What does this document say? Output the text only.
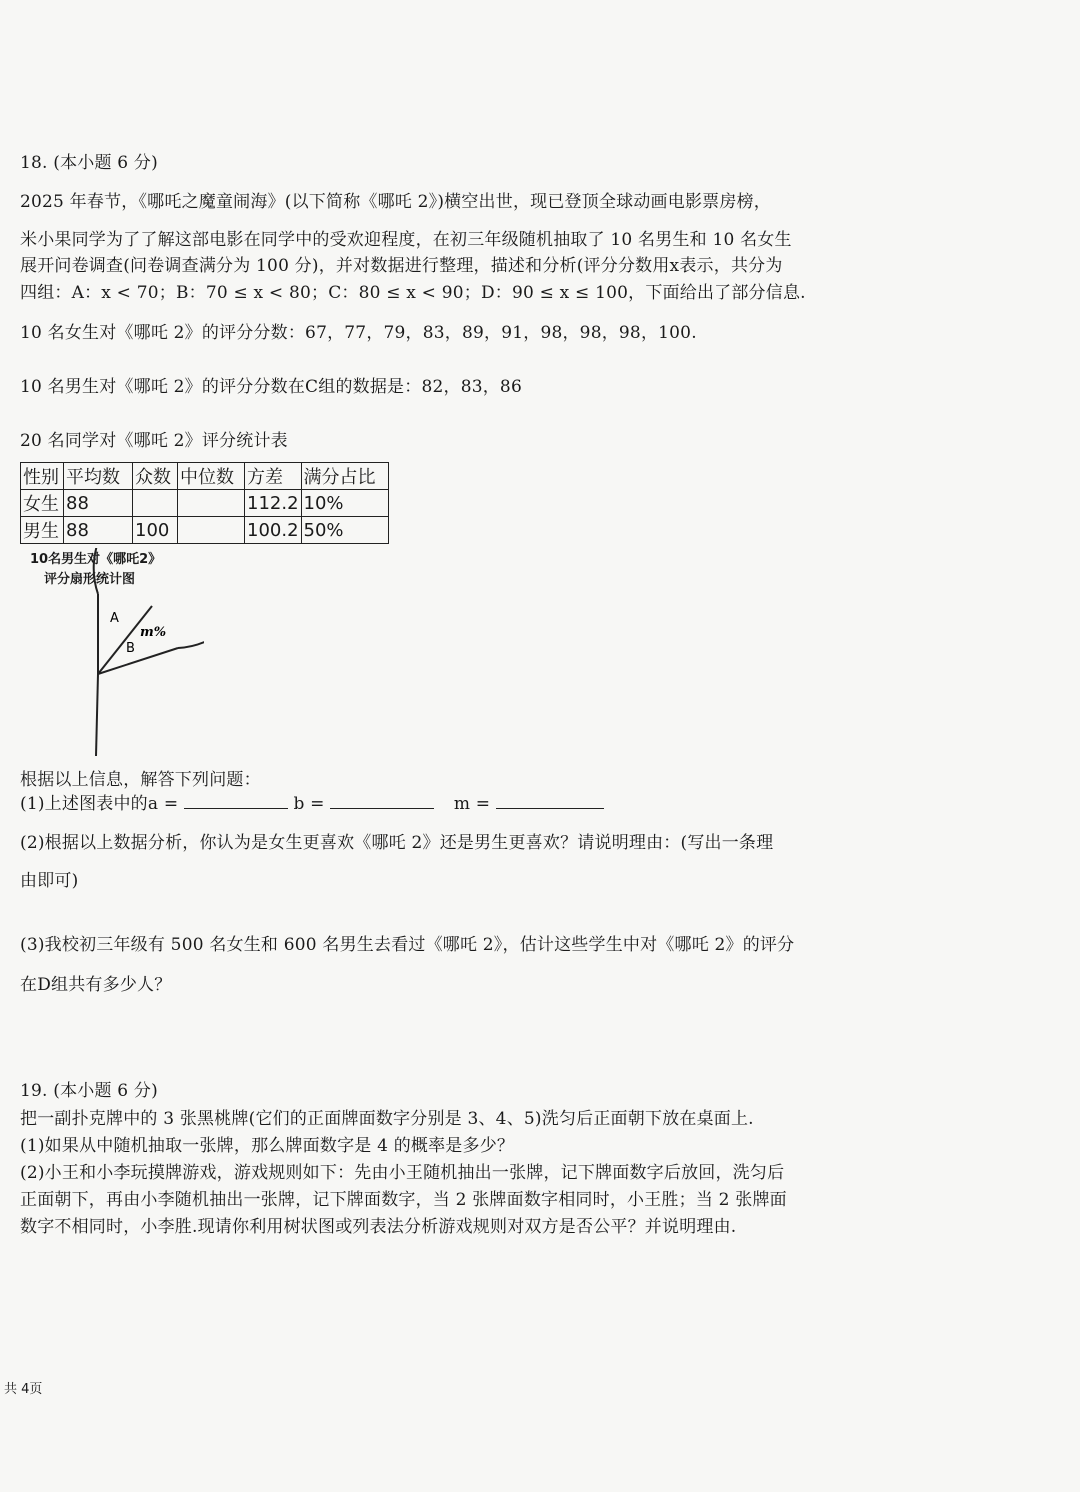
18. (本小题 6 分)
2025 年春节，《哪吒之魔童闹海》(以下简称《哪吒 2》)横空出世，现已登顶全球动画电影票房榜，
米小果同学为了了解这部电影在同学中的受欢迎程度，在初三年级随机抽取了 10 名男生和 10 名女生
展开问卷调查(问卷调查满分为 100 分)，并对数据进行整理，描述和分析(评分分数用x表示，共分为
四组：A：x < 70；B：70 ≤ x < 80；C：80 ≤ x < 90；D：90 ≤ x ≤ 100，下面给出了部分信息.
10 名女生对《哪吒 2》的评分分数：67，77，79，83，89，91，98，98，98，100.
10 名男生对《哪吒 2》的评分分数在C组的数据是：82，83，86
20 名同学对《哪吒 2》评分统计表
性别	平均数	众数	中位数	方差	满分占比
女生	88			112.2	10%
男生	88	100		100.2	50%
10名男生对《哪吒2》
评分扇形统计图
A
B
m%
根据以上信息，解答下列问题：
(1)上述图表中的a =	b =	m =
(2)根据以上数据分析，你认为是女生更喜欢《哪吒 2》还是男生更喜欢？请说明理由：(写出一条理
由即可)
(3)我校初三年级有 500 名女生和 600 名男生去看过《哪吒 2》，估计这些学生中对《哪吒 2》的评分
在D组共有多少人？
19. (本小题 6 分)
把一副扑克牌中的 3 张黑桃牌(它们的正面牌面数字分别是 3、4、5)洗匀后正面朝下放在桌面上.
(1)如果从中随机抽取一张牌，那么牌面数字是 4 的概率是多少？
(2)小王和小李玩摸牌游戏，游戏规则如下：先由小王随机抽出一张牌，记下牌面数字后放回，洗匀后
正面朝下，再由小李随机抽出一张牌，记下牌面数字，当 2 张牌面数字相同时，小王胜；当 2 张牌面
数字不相同时，小李胜.现请你利用树状图或列表法分析游戏规则对双方是否公平？并说明理由.
共 4页
